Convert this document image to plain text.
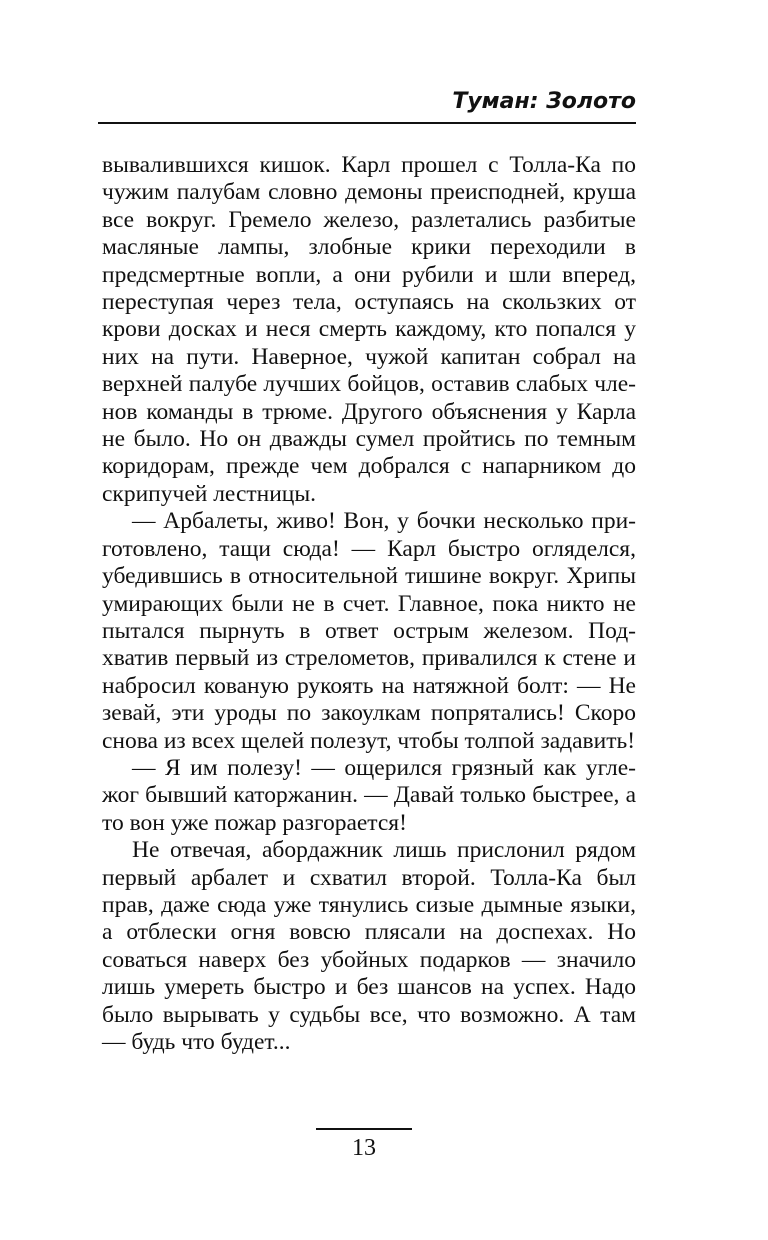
Туман: Золото

вывалившихся кишок. Карл прошел с Толла-Ка по чужим палубам словно демоны преисподней, круша все вокруг. Гремело железо, разлетались разбитые масляные лампы, злобные крики переходили в предсмертные вопли, а они рубили и шли вперед, переступая через тела, оступаясь на скользких от крови досках и неся смерть каждому, кто попался у них на пути. Наверное, чужой капитан собрал на верхней палубе лучших бойцов, оставив слабых членов команды в трюме. Другого объяснения у Карла не было. Но он дважды сумел пройтись по темным коридорам, прежде чем добрался с напарником до скрипучей лестницы.

— Арбалеты, живо! Вон, у бочки несколько приготовлено, тащи сюда! — Карл быстро огляделся, убедившись в относительной тишине вокруг. Хрипы умирающих были не в счет. Главное, пока никто не пытался пырнуть в ответ острым железом. Подхватив первый из стрелометов, привалился к стене и набросил кованую рукоять на натяжной болт: — Не зевай, эти уроды по закоулкам попрятались! Скоро снова из всех щелей полезут, чтобы толпой задавить!

— Я им полезу! — ощерился грязный как углежог бывший каторжанин. — Давай только быстрее, а то вон уже пожар разгорается!

Не отвечая, абордажник лишь прислонил рядом первый арбалет и схватил второй. Толла-Ка был прав, даже сюда уже тянулись сизые дымные языки, а отблески огня вовсю плясали на доспехах. Но соваться наверх без убойных подарков — значило лишь умереть быстро и без шансов на успех. Надо было вырывать у судьбы все, что возможно. А там — будь что будет...

13
